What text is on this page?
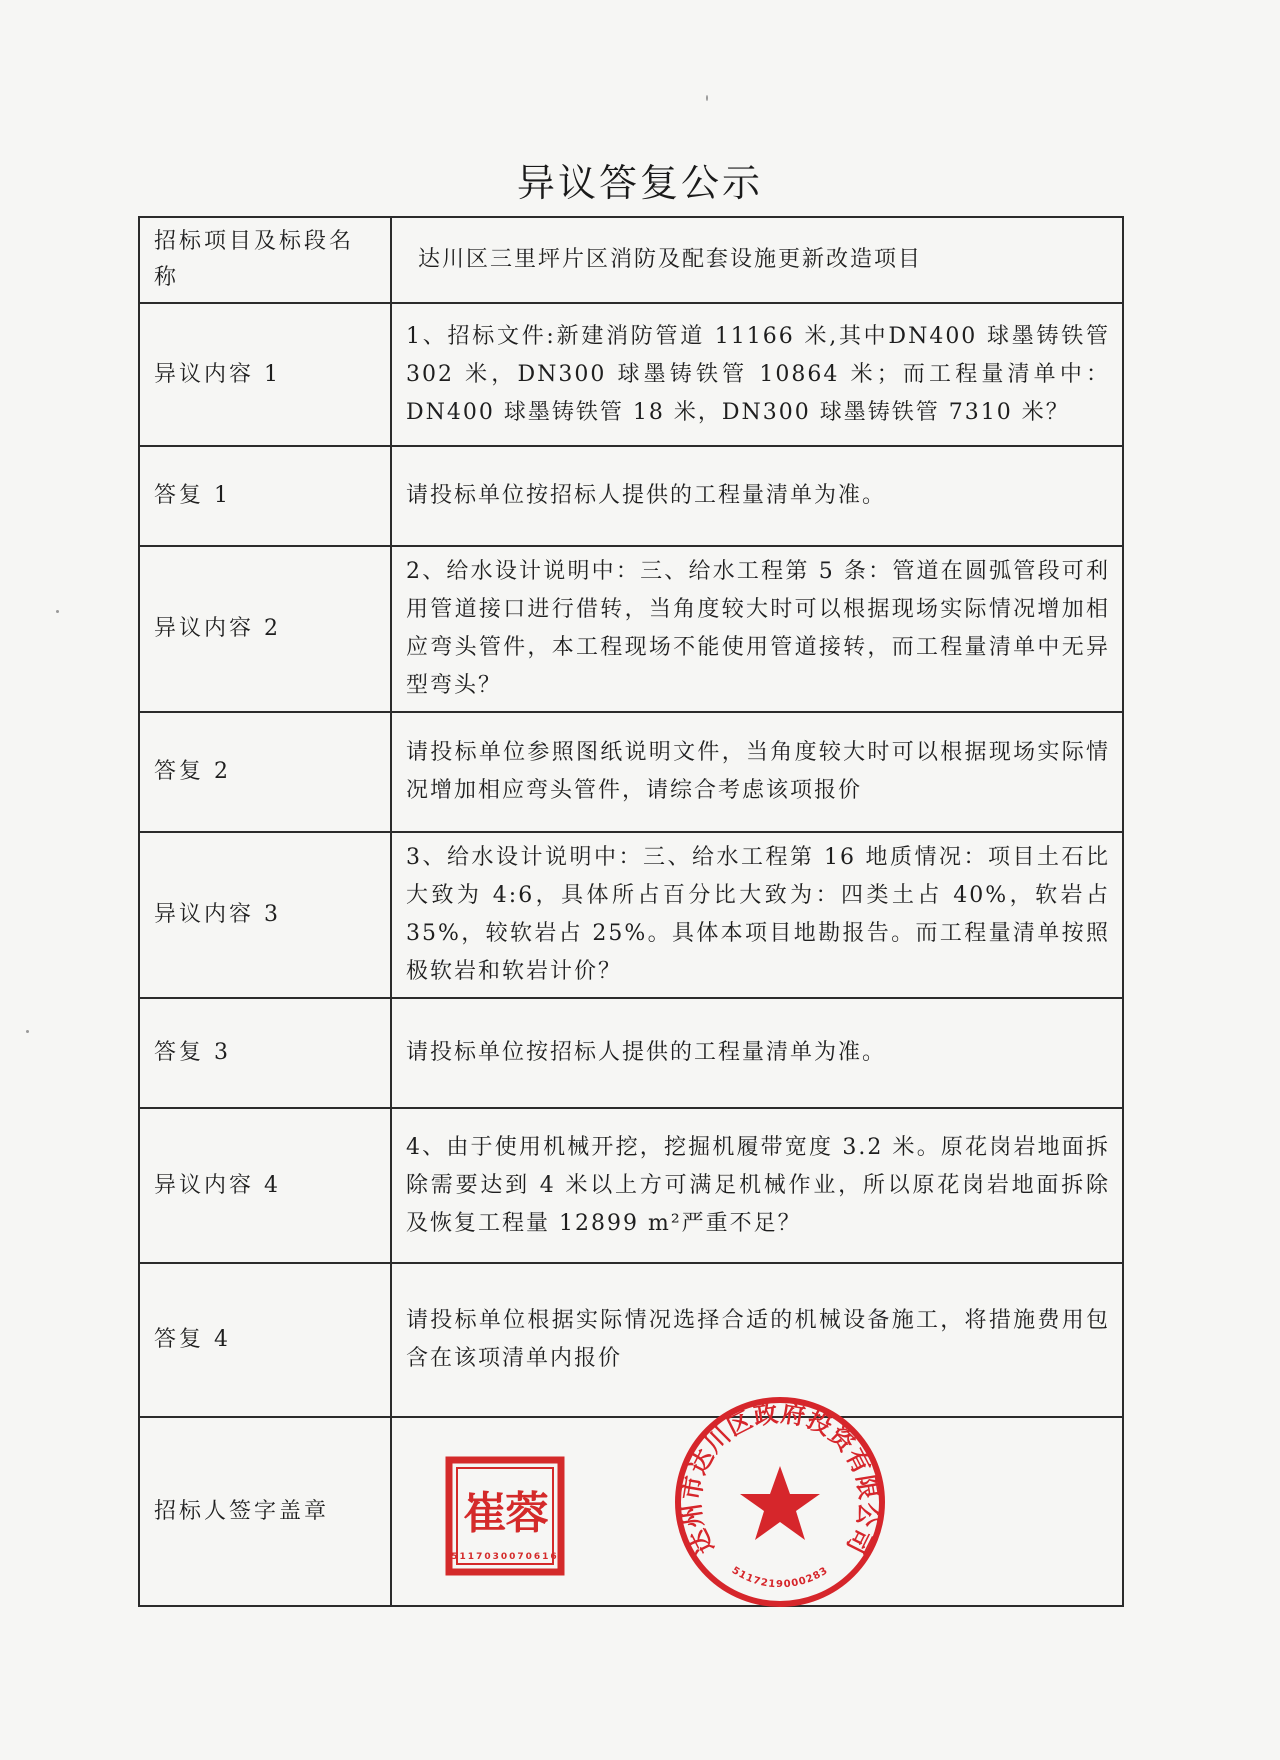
异议答复公示
招标项目及标段名称	达川区三里坪片区消防及配套设施更新改造项目
异议内容 1	1、招标文件:新建消防管道 11166 米,其中DN400 球墨铸铁管 302 米，DN300 球墨铸铁管 10864 米；而工程量清单中：DN400 球墨铸铁管 18 米，DN300 球墨铸铁管 7310 米？
答复 1	请投标单位按招标人提供的工程量清单为准。
异议内容 2	2、给水设计说明中：三、给水工程第 5 条：管道在圆弧管段可利用管道接口进行借转，当角度较大时可以根据现场实际情况增加相应弯头管件，本工程现场不能使用管道接转，而工程量清单中无异型弯头？
答复 2	请投标单位参照图纸说明文件，当角度较大时可以根据现场实际情况增加相应弯头管件，请综合考虑该项报价
异议内容 3	3、给水设计说明中：三、给水工程第 16 地质情况：项目土石比大致为 4:6，具体所占百分比大致为：四类土占 40%，软岩占 35%，较软岩占 25%。具体本项目地勘报告。而工程量清单按照极软岩和软岩计价？
答复 3	请投标单位按招标人提供的工程量清单为准。
异议内容 4	4、由于使用机械开挖，挖掘机履带宽度 3.2 米。原花岗岩地面拆除需要达到 4 米以上方可满足机械作业，所以原花岗岩地面拆除及恢复工程量 12899 m²严重不足？
答复 4	请投标单位根据实际情况选择合适的机械设备施工，将措施费用包含在该项清单内报价
招标人签字盖章	崔蓉
5117030070616 达州市达川区政府投资有限公司
5117219000283
